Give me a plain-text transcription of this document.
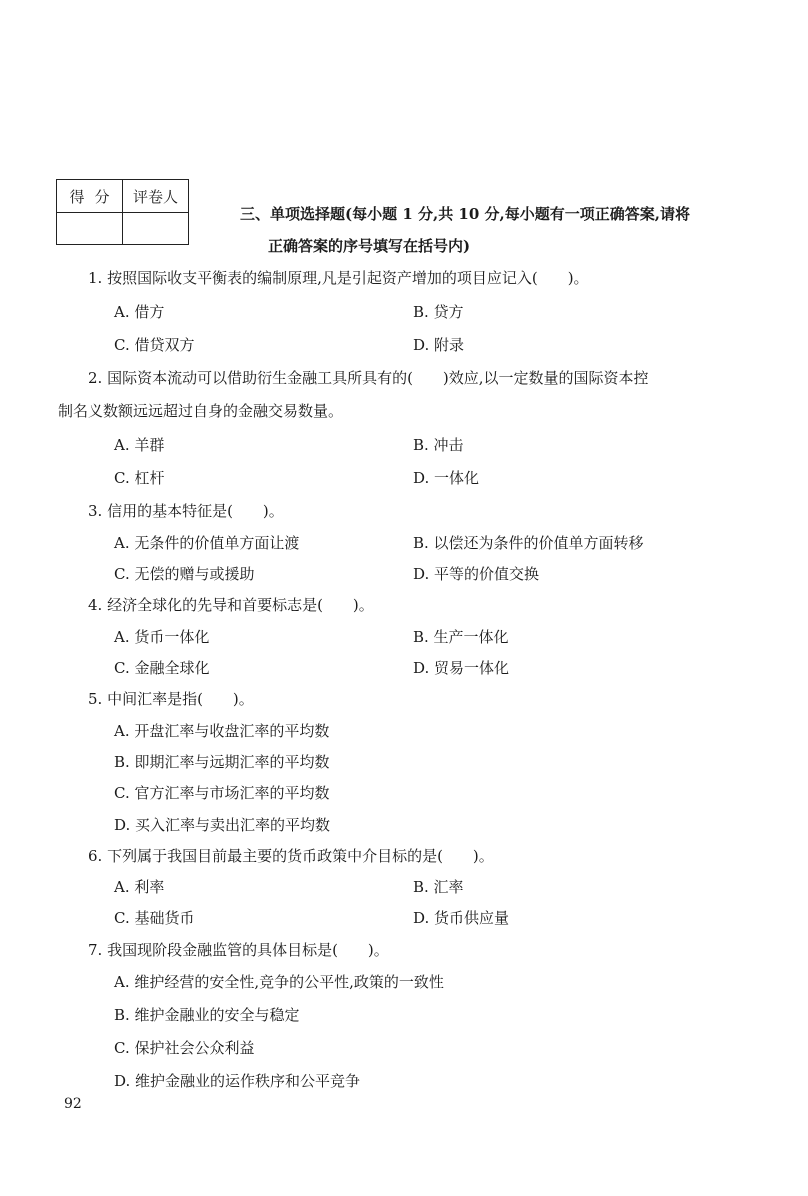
得分 评卷人
三、单项选择题(每小题 1 分,共 10 分,每小题有一项正确答案,请将
正确答案的序号填写在括号内)
1. 按照国际收支平衡表的编制原理,凡是引起资产增加的项目应记入(　　)。
A. 借方	B. 贷方
C. 借贷双方	D. 附录
2. 国际资本流动可以借助衍生金融工具所具有的(　　)效应,以一定数量的国际资本控
制名义数额远远超过自身的金融交易数量。
A. 羊群	B. 冲击
C. 杠杆	D. 一体化
3. 信用的基本特征是(　　)。
A. 无条件的价值单方面让渡	B. 以偿还为条件的价值单方面转移
C. 无偿的赠与或援助	D. 平等的价值交换
4. 经济全球化的先导和首要标志是(　　)。
A. 货币一体化	B. 生产一体化
C. 金融全球化	D. 贸易一体化
5. 中间汇率是指(　　)。
A. 开盘汇率与收盘汇率的平均数
B. 即期汇率与远期汇率的平均数
C. 官方汇率与市场汇率的平均数
D. 买入汇率与卖出汇率的平均数
6. 下列属于我国目前最主要的货币政策中介目标的是(　　)。
A. 利率	B. 汇率
C. 基础货币	D. 货币供应量
7. 我国现阶段金融监管的具体目标是(　　)。
A. 维护经营的安全性,竞争的公平性,政策的一致性
B. 维护金融业的安全与稳定
C. 保护社会公众利益
D. 维护金融业的运作秩序和公平竞争
92
